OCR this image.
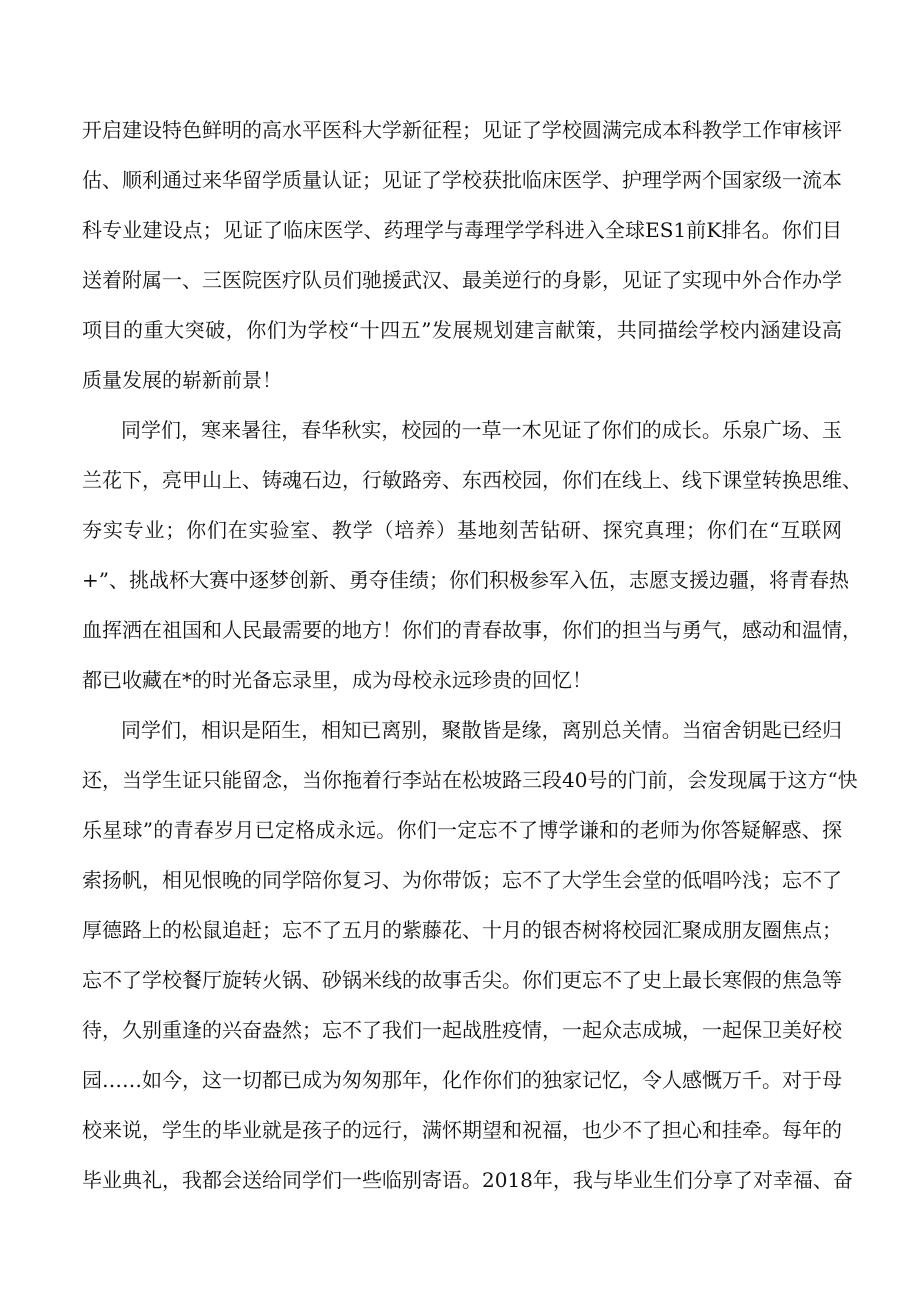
开启建设特色鲜明的高水平医科大学新征程；见证了学校圆满完成本科教学工作审核评
估、顺利通过来华留学质量认证；见证了学校获批临床医学、护理学两个国家级一流本
科专业建设点；见证了临床医学、药理学与毒理学学科进入全球ES1前K排名。你们目
送着附属一、三医院医疗队员们驰援武汉、最美逆行的身影，见证了实现中外合作办学
项目的重大突破，你们为学校“十四五”发展规划建言献策，共同描绘学校内涵建设高
质量发展的崭新前景！
同学们，寒来暑往，春华秋实，校园的一草一木见证了你们的成长。乐泉广场、玉
兰花下，亮甲山上、铸魂石边，行敏路旁、东西校园，你们在线上、线下课堂转换思维、
夯实专业；你们在实验室、教学（培养）基地刻苦钻研、探究真理；你们在“互联网
+”、挑战杯大赛中逐梦创新、勇夺佳绩；你们积极参军入伍，志愿支援边疆，将青春热
血挥洒在祖国和人民最需要的地方！你们的青春故事，你们的担当与勇气，感动和温情，
都已收藏在*的时光备忘录里，成为母校永远珍贵的回忆！
同学们，相识是陌生，相知已离别，聚散皆是缘，离别总关情。当宿舍钥匙已经归
还，当学生证只能留念，当你拖着行李站在松坡路三段40号的门前，会发现属于这方“快
乐星球”的青春岁月已定格成永远。你们一定忘不了博学谦和的老师为你答疑解惑、探
索扬帆，相见恨晚的同学陪你复习、为你带饭；忘不了大学生会堂的低唱吟浅；忘不了
厚德路上的松鼠追赶；忘不了五月的紫藤花、十月的银杏树将校园汇聚成朋友圈焦点；
忘不了学校餐厅旋转火锅、砂锅米线的故事舌尖。你们更忘不了史上最长寒假的焦急等
待，久别重逢的兴奋盎然；忘不了我们一起战胜疫情，一起众志成城，一起保卫美好校
园……如今，这一切都已成为匆匆那年，化作你们的独家记忆，令人感慨万千。对于母
校来说，学生的毕业就是孩子的远行，满怀期望和祝福，也少不了担心和挂牵。每年的
毕业典礼，我都会送给同学们一些临别寄语。2018年，我与毕业生们分享了对幸福、奋
